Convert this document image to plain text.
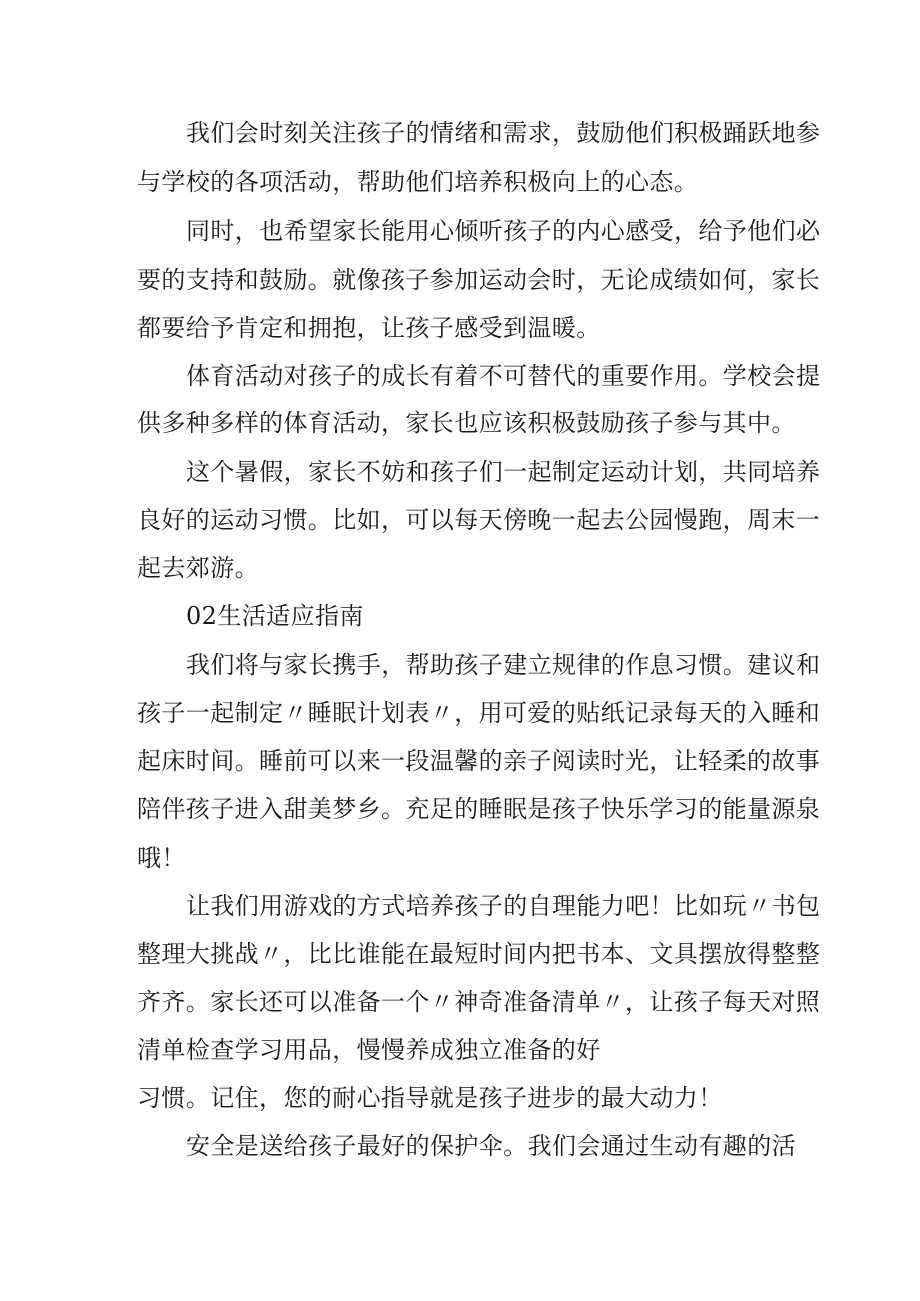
我们会时刻关注孩子的情绪和需求，鼓励他们积极踊跃地参
与学校的各项活动，帮助他们培养积极向上的心态。
同时，也希望家长能用心倾听孩子的内心感受，给予他们必
要的支持和鼓励。就像孩子参加运动会时，无论成绩如何，家长
都要给予肯定和拥抱，让孩子感受到温暖。
体育活动对孩子的成长有着不可替代的重要作用。学校会提
供多种多样的体育活动，家长也应该积极鼓励孩子参与其中。
这个暑假，家长不妨和孩子们一起制定运动计划，共同培养
良好的运动习惯。比如，可以每天傍晚一起去公园慢跑，周末一
起去郊游。
02生活适应指南
我们将与家长携手，帮助孩子建立规律的作息习惯。建议和
孩子一起制定〃睡眠计划表〃，用可爱的贴纸记录每天的入睡和
起床时间。睡前可以来一段温馨的亲子阅读时光，让轻柔的故事
陪伴孩子进入甜美梦乡。充足的睡眠是孩子快乐学习的能量源泉
哦！
让我们用游戏的方式培养孩子的自理能力吧！比如玩〃书包
整理大挑战〃，比比谁能在最短时间内把书本、文具摆放得整整
齐齐。家长还可以准备一个〃神奇准备清单〃，让孩子每天对照
清单检查学习用品，慢慢养成独立准备的好
习惯。记住，您的耐心指导就是孩子进步的最大动力！
安全是送给孩子最好的保护伞。我们会通过生动有趣的活
